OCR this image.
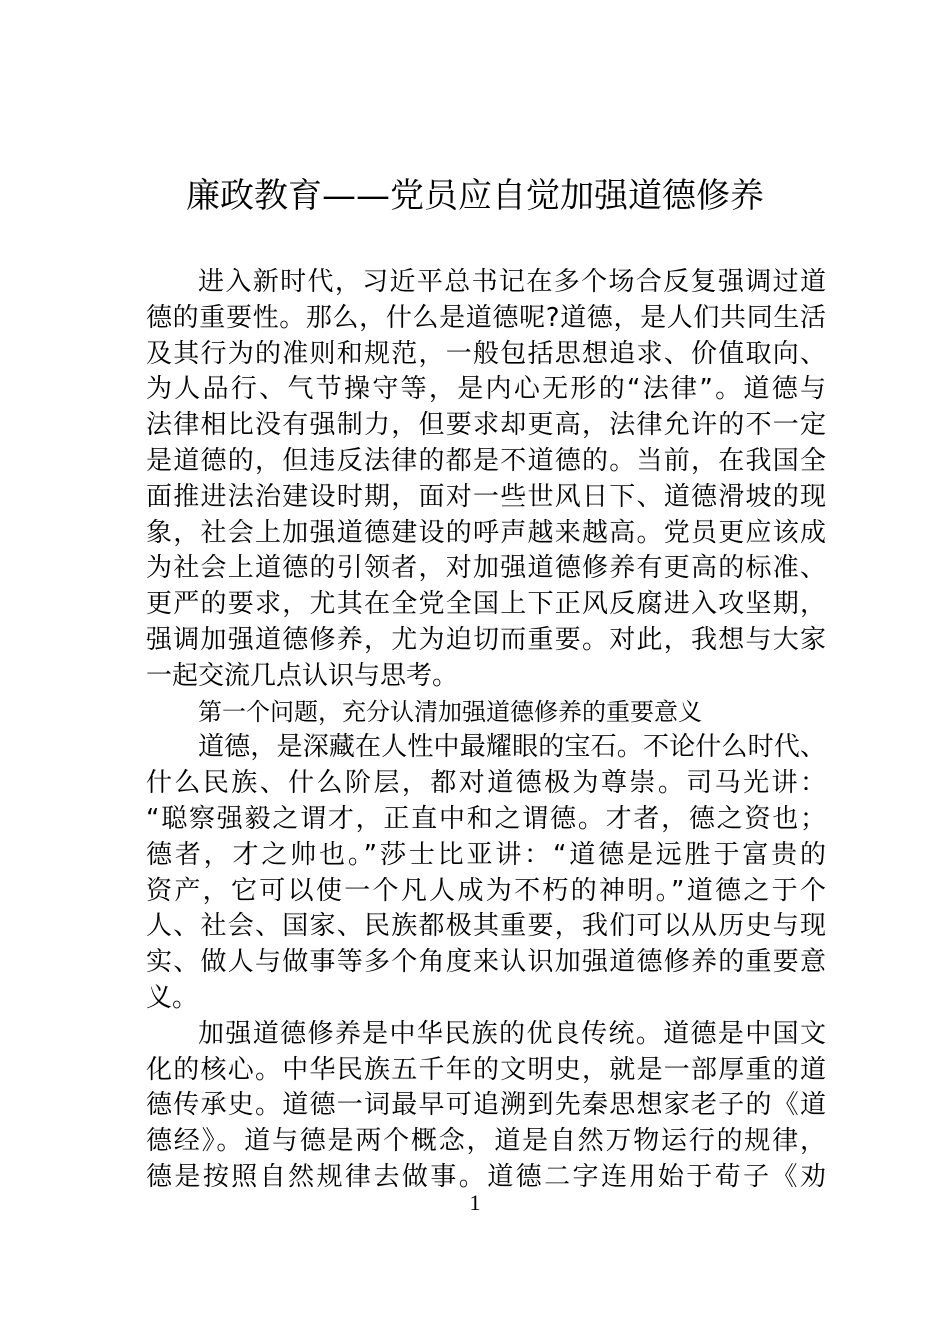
廉政教育——党员应自觉加强道德修养
进入新时代，习近平总书记在多个场合反复强调过道
德的重要性。那么，什么是道德呢?道德，是人们共同生活
及其行为的准则和规范，一般包括思想追求、价值取向、
为人品行、气节操守等，是内心无形的“法律”。道德与
法律相比没有强制力，但要求却更高，法律允许的不一定
是道德的，但违反法律的都是不道德的。当前，在我国全
面推进法治建设时期，面对一些世风日下、道德滑坡的现
象，社会上加强道德建设的呼声越来越高。党员更应该成
为社会上道德的引领者，对加强道德修养有更高的标准、
更严的要求，尤其在全党全国上下正风反腐进入攻坚期，
强调加强道德修养，尤为迫切而重要。对此，我想与大家
一起交流几点认识与思考。
第一个问题，充分认清加强道德修养的重要意义
道德，是深藏在人性中最耀眼的宝石。不论什么时代、
什么民族、什么阶层，都对道德极为尊崇。司马光讲：
“聪察强毅之谓才，正直中和之谓德。才者，德之资也；
德者，才之帅也。”莎士比亚讲：“道德是远胜于富贵的
资产，它可以使一个凡人成为不朽的神明。”道德之于个
人、社会、国家、民族都极其重要，我们可以从历史与现
实、做人与做事等多个角度来认识加强道德修养的重要意
义。
加强道德修养是中华民族的优良传统。道德是中国文
化的核心。中华民族五千年的文明史，就是一部厚重的道
德传承史。道德一词最早可追溯到先秦思想家老子的《道
德经》。道与德是两个概念，道是自然万物运行的规律，
德是按照自然规律去做事。道德二字连用始于荀子《劝
1
